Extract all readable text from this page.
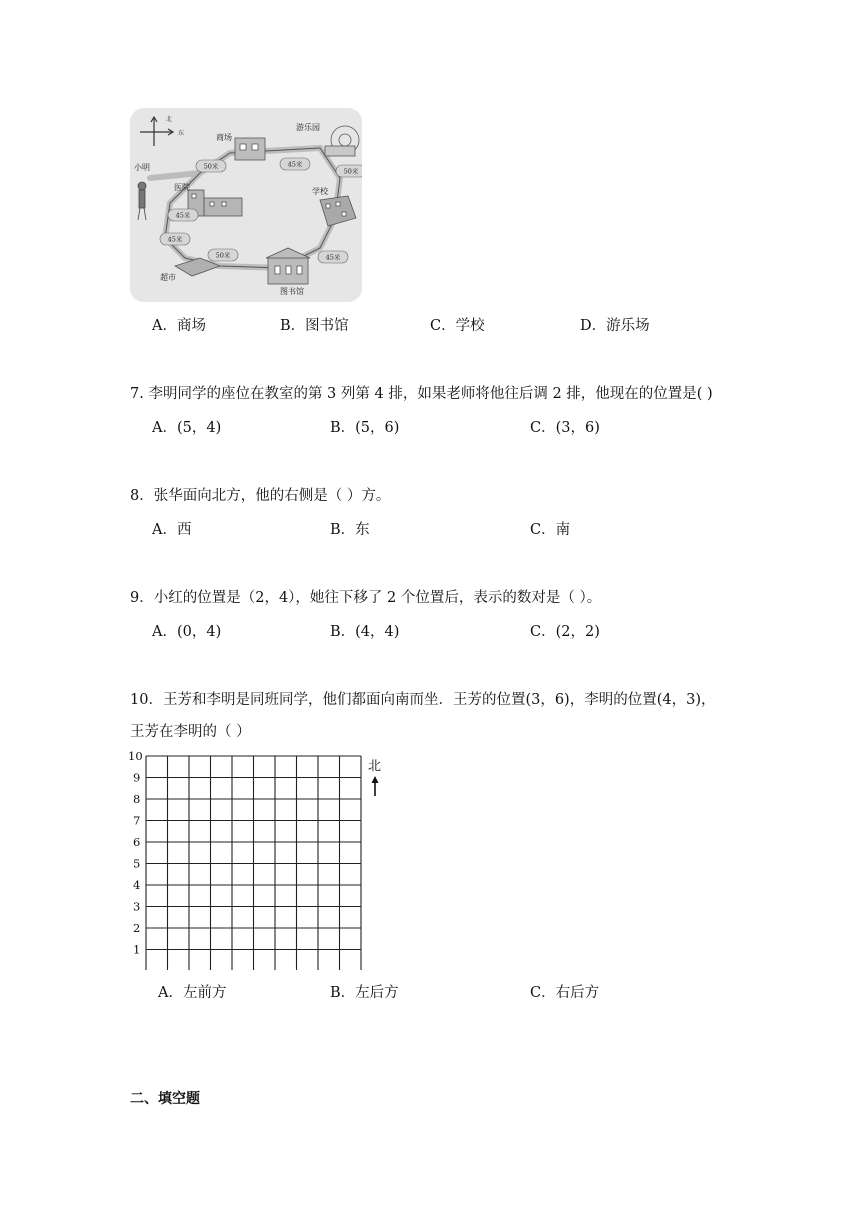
北
东
50米	45米
50米
45米
45米
50米	45米
商场
游乐园
小明
医院	学校
超市
图书馆
A．商场	B．图书馆	C．学校	D．游乐场
7. 李明同学的座位在教室的第 3 列第 4 排，如果老师将他往后调 2 排，他现在的位置是( )
A．(5，4)	B．(5，6)	C．(3，6)
8．张华面向北方，他的右侧是（ ）方。
A．西	B．东	C．南
9．小红的位置是（2，4），她往下移了 2 个位置后，表示的数对是（ ）。
A．(0，4)	B．(4，4)	C．(2，2)
10．王芳和李明是同班同学，他们都面向南而坐．王芳的位置(3，6)，李明的位置(4，3)，
王芳在李明的（ ）
1
2
3
4
5
6
7
8
9
10
北
A．左前方	B．左后方	C．右后方
二、填空题
